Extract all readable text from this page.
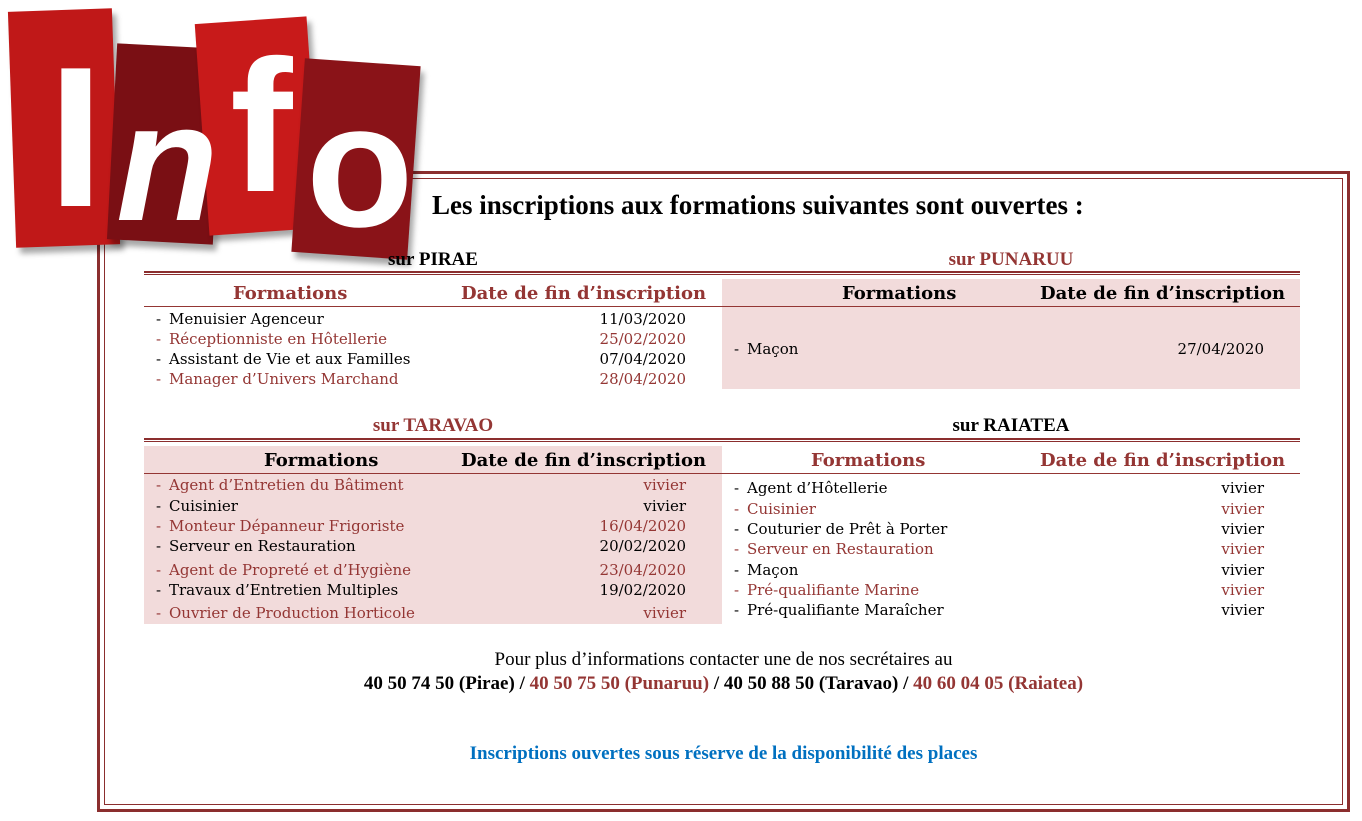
I n f o Les inscriptions aux formations suivantes sont ouvertes :
sur PIRAE	sur PUNARUU
Formations	Date de fin d’inscription
- Menuisier Agenceur	11/03/2020
- Réceptionniste en Hôtellerie	25/02/2020
- Assistant de Vie et aux Familles	07/04/2020
- Manager d’Univers Marchand	28/04/2020
Formations	Date de fin d’inscription
- Maçon	27/04/2020
sur TARAVAO	sur RAIATEA
Formations	Date de fin d’inscription
- Agent d’Entretien du Bâtiment	vivier
- Cuisinier	vivier
- Monteur Dépanneur Frigoriste	16/04/2020
- Serveur en Restauration	20/02/2020
- Agent de Propreté et d’Hygiène	23/04/2020
- Travaux d’Entretien Multiples	19/02/2020
- Ouvrier de Production Horticole	vivier
Formations	Date de fin d’inscription
- Agent d’Hôtellerie	vivier
- Cuisinier	vivier
- Couturier de Prêt à Porter	vivier
- Serveur en Restauration	vivier
- Maçon	vivier
- Pré-qualifiante Marine	vivier
- Pré-qualifiante Maraîcher	vivier
Pour plus d’informations contacter une de nos secrétaires au
40 50 74 50 (Pirae) / 40 50 75 50 (Punaruu) / 40 50 88 50 (Taravao) / 40 60 04 05 (Raiatea)
Inscriptions ouvertes sous réserve de la disponibilité des places
